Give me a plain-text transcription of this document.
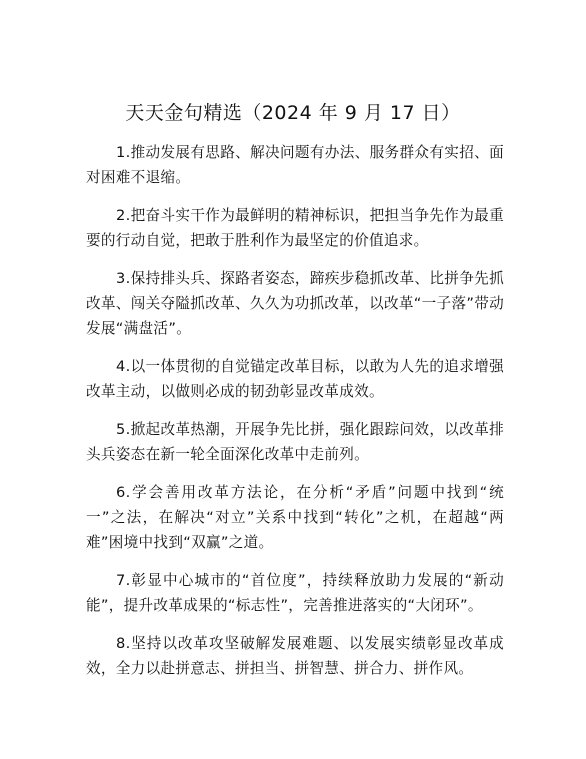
天天金句精选（2024 年 9 月 17 日）

1.推动发展有思路、解决问题有办法、服务群众有实招、面对困难不退缩。

2.把奋斗实干作为最鲜明的精神标识，把担当争先作为最重要的行动自觉，把敢于胜利作为最坚定的价值追求。

3.保持排头兵、探路者姿态，蹄疾步稳抓改革、比拼争先抓改革、闯关夺隘抓改革、久久为功抓改革，以改革“一子落”带动发展“满盘活”。

4.以一体贯彻的自觉锚定改革目标，以敢为人先的追求增强改革主动，以做则必成的韧劲彰显改革成效。

5.掀起改革热潮，开展争先比拼，强化跟踪问效，以改革排头兵姿态在新一轮全面深化改革中走前列。

6.学会善用改革方法论，在分析“矛盾”问题中找到“统一”之法，在解决“对立”关系中找到“转化”之机，在超越“两难”困境中找到“双赢”之道。

7.彰显中心城市的“首位度”，持续释放助力发展的“新动能”，提升改革成果的“标志性”，完善推进落实的“大闭环”。

8.坚持以改革攻坚破解发展难题、以发展实绩彰显改革成效，全力以赴拼意志、拼担当、拼智慧、拼合力、拼作风。
